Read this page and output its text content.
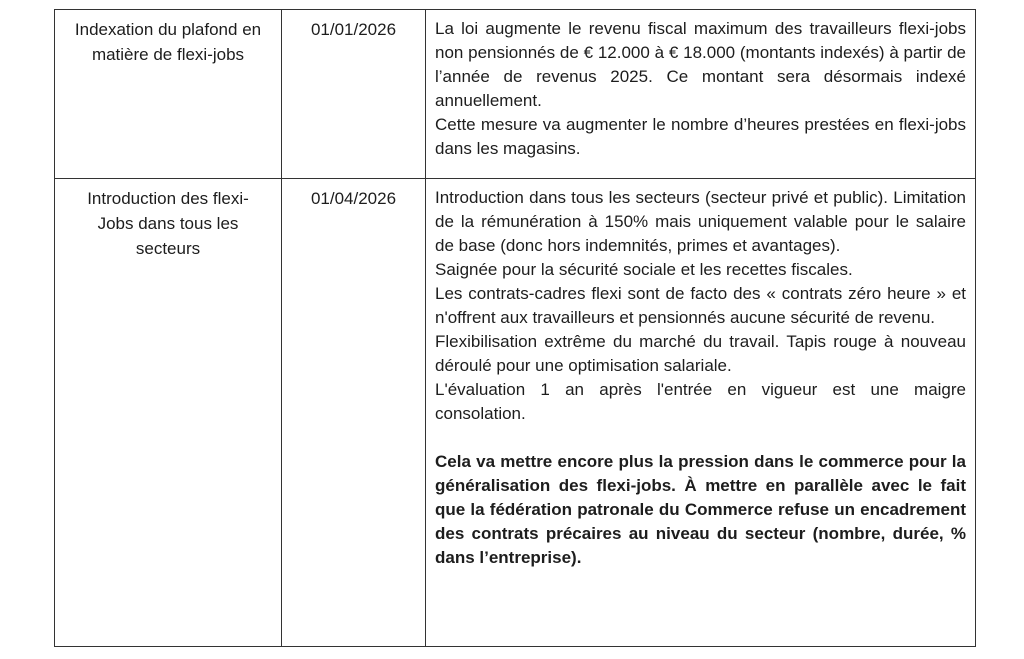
Indexation du plafond en matière de flexi-jobs
01/01/2026	La loi augmente le revenu fiscal maximum des travailleurs flexi-jobs non pensionnés de € 12.000 à € 18.000 (montants indexés) à partir de l’année de revenus 2025. Ce montant sera désormais indexé annuellement.

Cette mesure va augmenter le nombre d’heures prestées en flexi-jobs dans les magasins.

Introduction des flexi-Jobs dans tous les secteurs
01/04/2026	Introduction dans tous les secteurs (secteur privé et public). Limitation de la rémunération à 150% mais uniquement valable pour le salaire de base (donc hors indemnités, primes et avantages).

Saignée pour la sécurité sociale et les recettes fiscales.

Les contrats-cadres flexi sont de facto des « contrats zéro heure » et n'offrent aux travailleurs et pensionnés aucune sécurité de revenu.

Flexibilisation extrême du marché du travail. Tapis rouge à nouveau déroulé pour une optimisation salariale.

L'évaluation 1 an après l'entrée en vigueur est une maigre consolation.

Cela va mettre encore plus la pression dans le commerce pour la généralisation des flexi-jobs. À mettre en parallèle avec le fait que la fédération patronale du Commerce refuse un encadrement des contrats précaires au niveau du secteur (nombre, durée, % dans l’entreprise).
